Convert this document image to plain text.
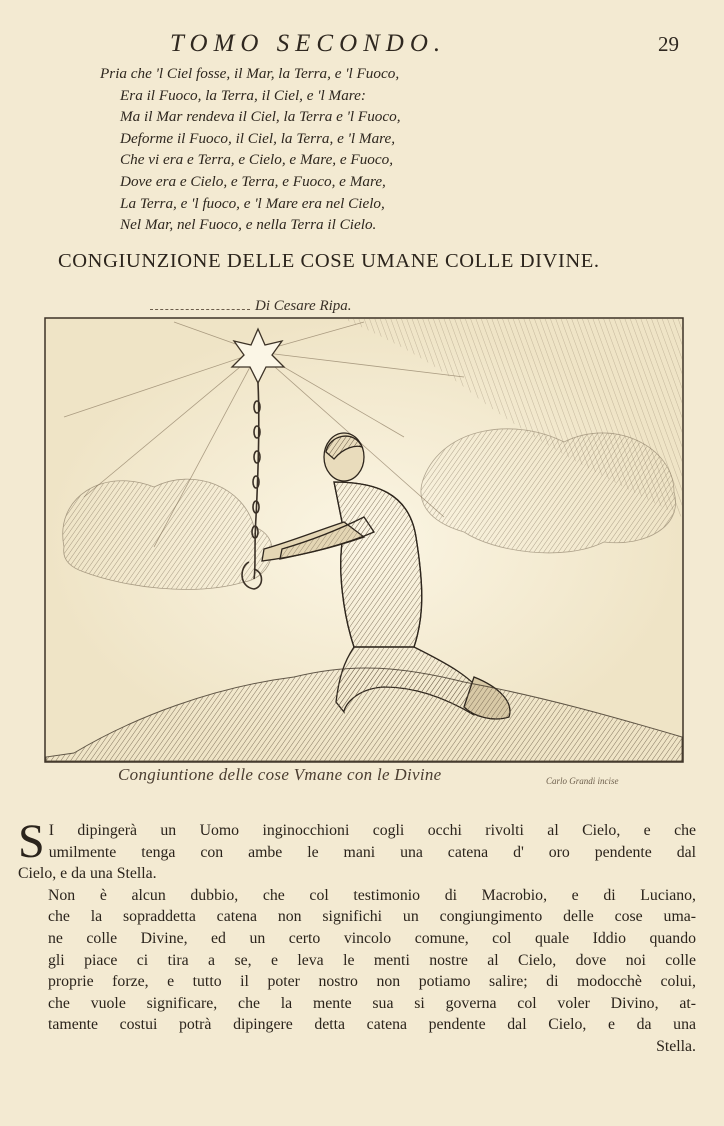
TOMO SECONDO.	29
Pria che 'l Ciel fosse, il Mar, la Terra, e 'l Fuoco,
Era il Fuoco, la Terra, il Ciel, e 'l Mare:
Ma il Mar rendeva il Ciel, la Terra e 'l Fuoco,
Deforme il Fuoco, il Ciel, la Terra, e 'l Mare,
Che vi era e Terra, e Cielo, e Mare, e Fuoco,
Dove era e Cielo, e Terra, e Fuoco, e Mare,
La Terra, e 'l fuoco, e 'l Mare era nel Cielo,
Nel Mar, nel Fuoco, e nella Terra il Cielo.
CONGIUNZIONE DELLE COSE UMANE COLLE DIVINE.
Di Cesare Ripa.
Congiuntione delle cose Vmane con le Divine	Carlo Grandi incise
S I dipingerà un Uomo inginocchioni cogli occhi rivolti al Cielo, e che
umilmente tenga con ambe le mani una catena d' oro pendente dal
Cielo, e da una Stella.
Non è alcun dubbio, che col testimonio di Macrobio, e di Luciano,
che la sopraddetta catena non significhi un congiungimento delle cose uma-
ne colle Divine, ed un certo vincolo comune, col quale Iddio quando
gli piace ci tira a se, e leva le menti nostre al Cielo, dove noi colle
proprie forze, e tutto il poter nostro non potiamo salire; di modocchè colui,
che vuole significare, che la mente sua si governa col voler Divino, at-
tamente costui potrà dipingere detta catena pendente dal Cielo, e da una
Stella.
